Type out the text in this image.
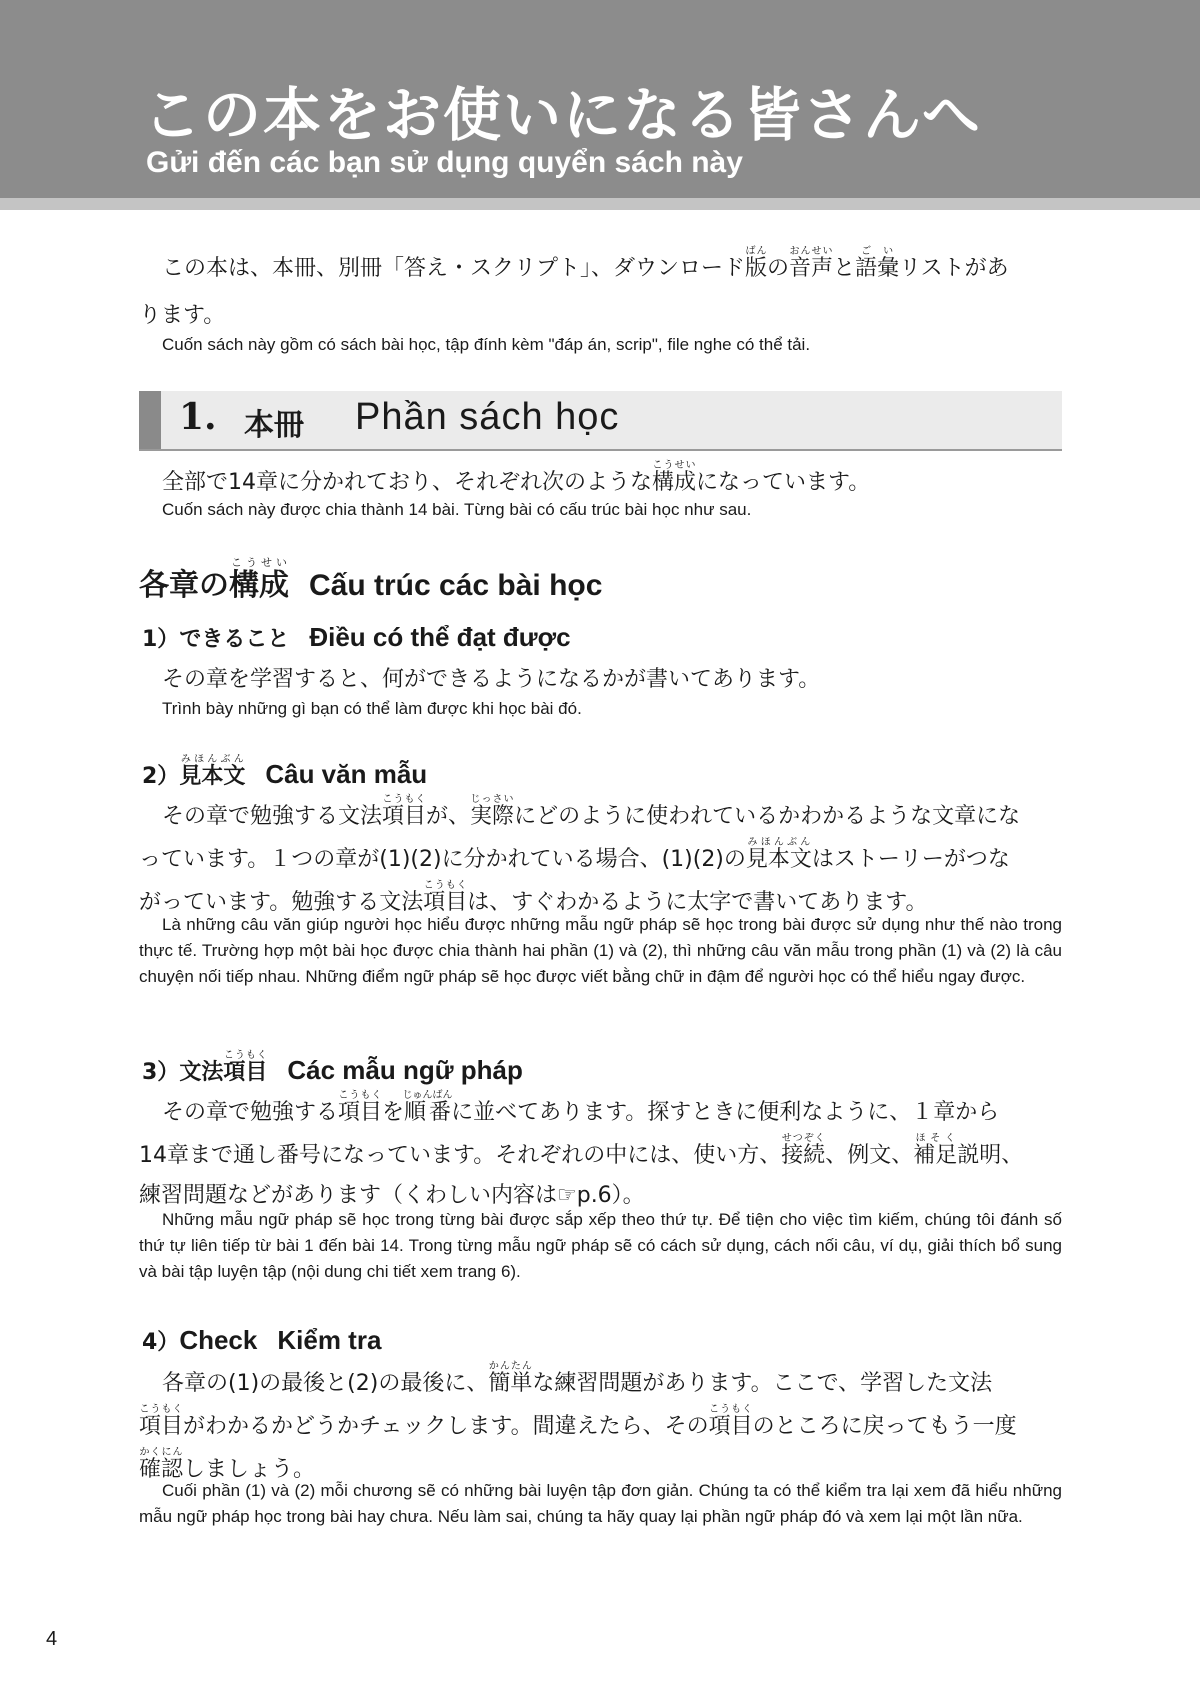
この本をお使いになる皆さんへ
Gửi đến các bạn sử dụng quyển sách này
この本は、本冊、別冊「答え・スクリプト」、ダウンロード版ばんの音声おんせいと語彙ごいリストがあ
ります。
Cuốn sách này gồm có sách bài học, tập đính kèm "đáp án, scrip", file nghe có thể tải.
1. 本冊 Phần sách học
全部で14章に分かれており、それぞれ次のような構成こうせいになっています。
Cuốn sách này được chia thành 14 bài. Từng bài có cấu trúc bài học như sau.
各章の構成こうせいCấu trúc các bài học
1）できること Điều có thể đạt được
その章を学習すると、何ができるようになるかが書いてあります。
Trình bày những gì bạn có thể làm được khi học bài đó.
2）見本文みほんぶん Câu văn mẫu
その章で勉強する文法項目こうもくが、実際じっさいにどのように使われているかわかるような文章にな
っています。１つの章が(1)(2)に分かれている場合、(1)(2)の見本文みほんぶんはストーリーがつな
がっています。勉強する文法項目こうもくは、すぐわかるように太字で書いてあります。
Là những câu văn giúp người học hiểu được những mẫu ngữ pháp sẽ học trong bài được sử dụng như thế nào trong thực tế. Trường hợp một bài học được chia thành hai phần (1) và (2), thì những câu văn mẫu trong phần (1) và (2) là câu chuyện nối tiếp nhau. Những điểm ngữ pháp sẽ học được viết bằng chữ in đậm để người học có thể hiểu ngay được.
3）文法項目こうもく Các mẫu ngữ pháp
その章で勉強する項目こうもくを順番じゅんばんに並べてあります。探すときに便利なように、１章から
14章まで通し番号になっています。それぞれの中には、使い方、接続せつぞく、例文、補足ほそく説明、
練習問題などがあります（くわしい内容は☞p.6）。
Những mẫu ngữ pháp sẽ học trong từng bài được sắp xếp theo thứ tự. Để tiện cho việc tìm kiếm, chúng tôi đánh số thứ tự liên tiếp từ bài 1 đến bài 14. Trong từng mẫu ngữ pháp sẽ có cách sử dụng, cách nối câu, ví dụ, giải thích bổ sung và bài tập luyện tập (nội dung chi tiết xem trang 6).
4）Check Kiểm tra
各章の(1)の最後と(2)の最後に、簡単かんたんな練習問題があります。ここで、学習した文法
項目こうもくがわかるかどうかチェックします。間違えたら、その項目こうもくのところに戻ってもう一度
確認かくにんしましょう。
Cuối phần (1) và (2) mỗi chương sẽ có những bài luyện tập đơn giản. Chúng ta có thể kiểm tra lại xem đã hiểu những mẫu ngữ pháp học trong bài hay chưa. Nếu làm sai, chúng ta hãy quay lại phần ngữ pháp đó và xem lại một lần nữa.
4
